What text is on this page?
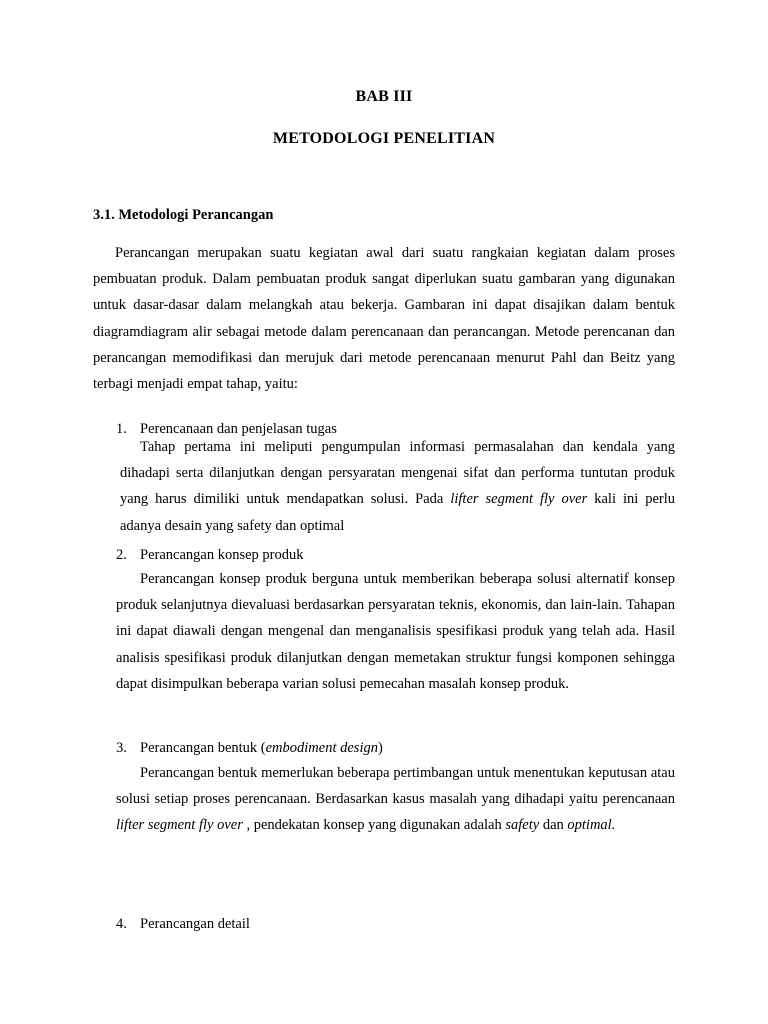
BAB III
METODOLOGI PENELITIAN
3.1. Metodologi Perancangan

Perancangan merupakan suatu kegiatan awal dari suatu rangkaian kegiatan dalam proses pembuatan produk. Dalam pembuatan produk sangat diperlukan suatu gambaran yang digunakan untuk dasar-dasar dalam melangkah atau bekerja. Gambaran ini dapat disajikan dalam bentuk diagramdiagram alir sebagai metode dalam perencanaan dan perancangan. Metode perencanan dan perancangan memodifikasi dan merujuk dari metode perencanaan menurut Pahl dan Beitz yang terbagi menjadi empat tahap, yaitu:

1. Perencanaan dan penjelasan tugas

Tahap pertama ini meliputi pengumpulan informasi permasalahan dan kendala yang dihadapi serta dilanjutkan dengan persyaratan mengenai sifat dan performa tuntutan produk yang harus dimiliki untuk mendapatkan solusi. Pada lifter segment fly over kali ini perlu adanya desain yang safety dan optimal

2. Perancangan konsep produk

Perancangan konsep produk berguna untuk memberikan beberapa solusi alternatif konsep produk selanjutnya dievaluasi berdasarkan persyaratan teknis, ekonomis, dan lain-lain. Tahapan ini dapat diawali dengan mengenal dan menganalisis spesifikasi produk yang telah ada. Hasil analisis spesifikasi produk dilanjutkan dengan memetakan struktur fungsi komponen sehingga dapat disimpulkan beberapa varian solusi pemecahan masalah konsep produk.

3. Perancangan bentuk (embodiment design)

Perancangan bentuk memerlukan beberapa pertimbangan untuk menentukan keputusan atau solusi setiap proses perencanaan. Berdasarkan kasus masalah yang dihadapi yaitu perencanaan lifter segment fly over , pendekatan konsep yang digunakan adalah safety dan optimal.

4. Perancangan detail
